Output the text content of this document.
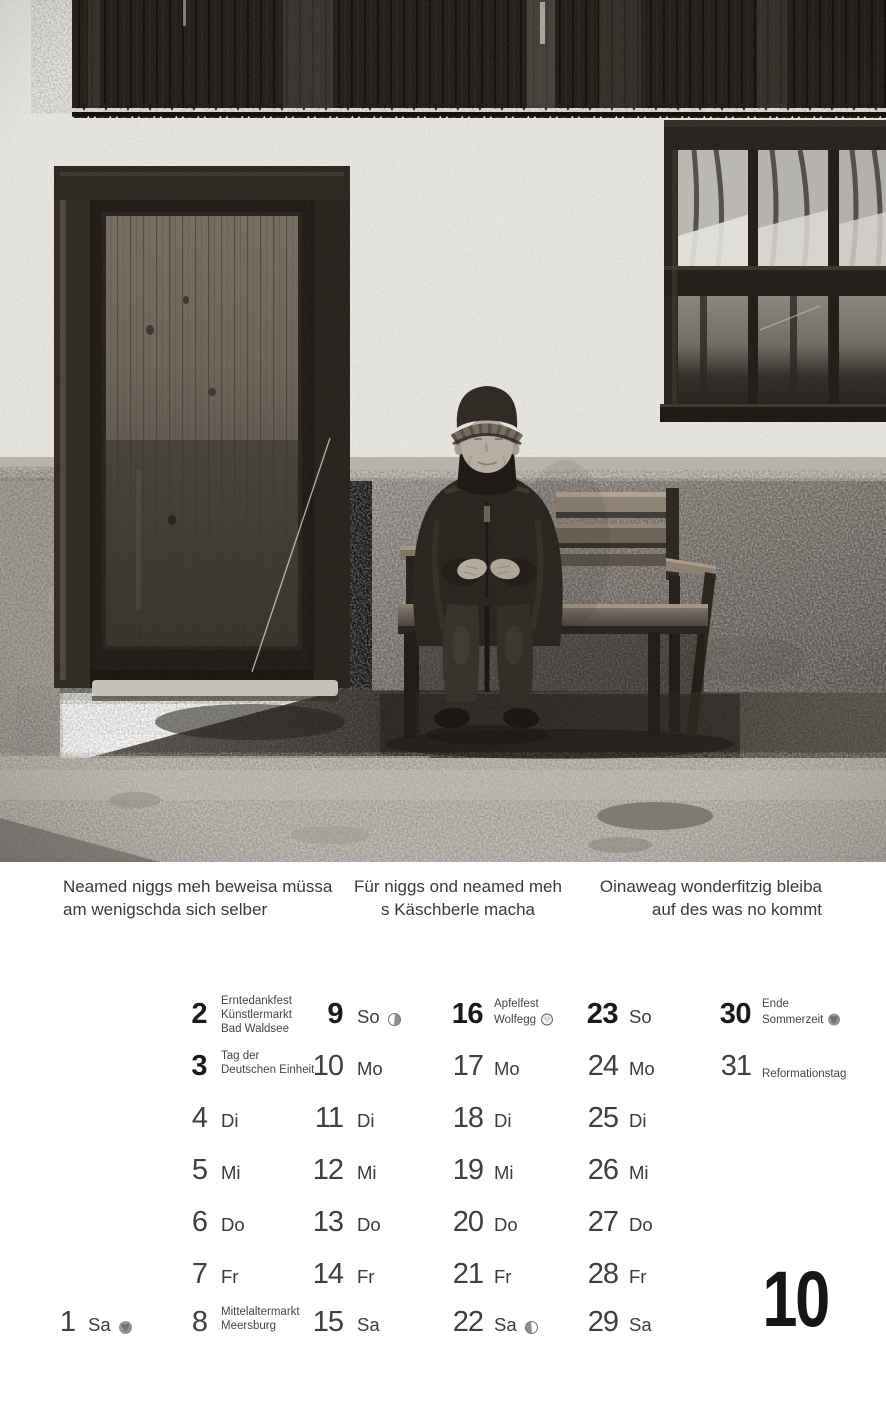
Neamed niggs meh beweisa müssa
am wenigschda sich selber
Für niggs ond neamed meh
s Käschberle macha
Oinaweag wonderfitzig bleiba
auf des was no kommt
1 Sa
2 Erntedankfest
Künstlermarkt
Bad Waldsee
3 Tag der
Deutschen Einheit
4 Di
5 Mi
6 Do
7 Fr
8 Mittelaltermarkt
Meersburg
9 So
10 Mo
11 Di
12 Mi
13 Do
14 Fr
15 Sa
16 Apfelfest
Wolfegg
17 Mo
18 Di
19 Mi
20 Do
21 Fr
22 Sa
23 So
24 Mo
25 Di
26 Mi
27 Do
28 Fr
29 Sa
30 Ende
Sommerzeit
31 Reformationstag
10
